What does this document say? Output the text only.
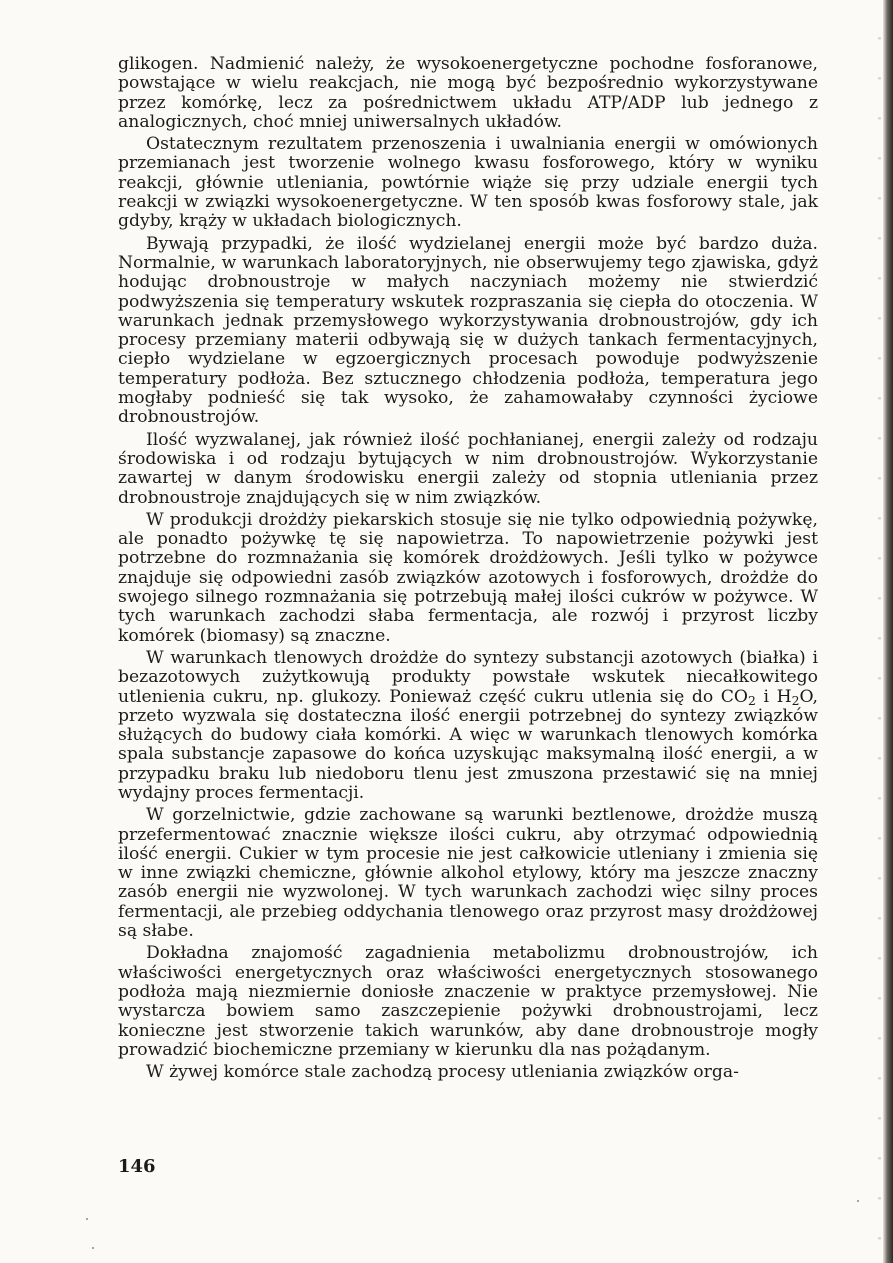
glikogen. Nadmienić należy, że wysokoenergetyczne pochodne fosforanowe, powstające w wielu reakcjach, nie mogą być bezpośrednio wykorzystywane przez komórkę, lecz za pośrednictwem układu ATP/ADP lub jednego z analogicznych, choć mniej uniwersalnych układów.

Ostatecznym rezultatem przenoszenia i uwalniania energii w omówionych przemianach jest tworzenie wolnego kwasu fosforowego, który w wyniku reakcji, głównie utleniania, powtórnie wiąże się przy udziale energii tych reakcji w związki wysokoenergetyczne. W ten sposób kwas fosforowy stale, jak gdyby, krąży w układach biologicznych.

Bywają przypadki, że ilość wydzielanej energii może być bardzo duża. Normalnie, w warunkach laboratoryjnych, nie obserwujemy tego zjawiska, gdyż hodując drobnoustroje w małych naczyniach możemy nie stwierdzić podwyższenia się temperatury wskutek rozpraszania się ciepła do otoczenia. W warunkach jednak przemysłowego wykorzystywania drobnoustrojów, gdy ich procesy przemiany materii odbywają się w dużych tankach fermentacyjnych, ciepło wydzielane w egzoergicznych procesach powoduje podwyższenie temperatury podłoża. Bez sztucznego chłodzenia podłoża, temperatura jego mogłaby podnieść się tak wysoko, że zahamowałaby czynności życiowe drobnoustrojów.

Ilość wyzwalanej, jak również ilość pochłanianej, energii zależy od rodzaju środowiska i od rodzaju bytujących w nim drobnoustrojów. Wykorzystanie zawartej w danym środowisku energii zależy od stopnia utleniania przez drobnoustroje znajdujących się w nim związków.

W produkcji drożdży piekarskich stosuje się nie tylko odpowiednią pożywkę, ale ponadto pożywkę tę się napowietrza. To napowietrzenie pożywki jest potrzebne do rozmnażania się komórek drożdżowych. Jeśli tylko w pożywce znajduje się odpowiedni zasób związków azotowych i fosforowych, drożdże do swojego silnego rozmnażania się potrzebują małej ilości cukrów w pożywce. W tych warunkach zachodzi słaba fermentacja, ale rozwój i przyrost liczby komórek (biomasy) są znaczne.

W warunkach tlenowych drożdże do syntezy substancji azotowych (białka) i bezazotowych zużytkowują produkty powstałe wskutek niecałkowitego utlenienia cukru, np. glukozy. Ponieważ część cukru utlenia się do $CO_2$ i $H_2O$, przeto wyzwala się dostateczna ilość energii potrzebnej do syntezy związków służących do budowy ciała komórki. A więc w warunkach tlenowych komórka spala substancje zapasowe do końca uzyskując maksymalną ilość energii, a w przypadku braku lub niedoboru tlenu jest zmuszona przestawić się na mniej wydajny proces fermentacji.

W gorzelnictwie, gdzie zachowane są warunki beztlenowe, drożdże muszą przefermentować znacznie większe ilości cukru, aby otrzymać odpowiednią ilość energii. Cukier w tym procesie nie jest całkowicie utleniany i zmienia się w inne związki chemiczne, głównie alkohol etylowy, który ma jeszcze znaczny zasób energii nie wyzwolonej. W tych warunkach zachodzi więc silny proces fermentacji, ale przebieg oddychania tlenowego oraz przyrost masy drożdżowej są słabe.

Dokładna znajomość zagadnienia metabolizmu drobnoustrojów, ich właściwości energetycznych oraz właściwości energetycznych stosowanego podłoża mają niezmiernie doniosłe znaczenie w praktyce przemysłowej. Nie wystarcza bowiem samo zaszczepienie pożywki drobnoustrojami, lecz konieczne jest stworzenie takich warunków, aby dane drobnoustroje mogły prowadzić biochemiczne przemiany w kierunku dla nas pożądanym.

W żywej komórce stale zachodzą procesy utleniania związków orga-

146
